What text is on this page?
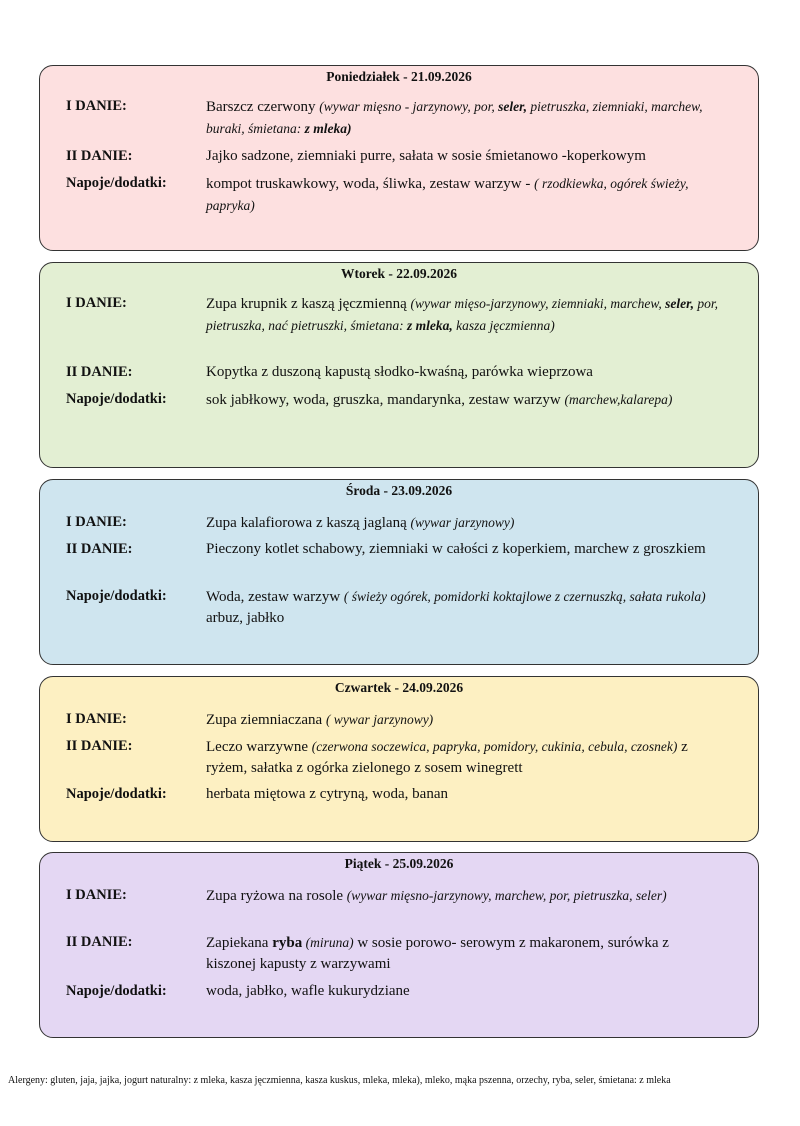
Poniedziałek - 21.09.2026
I DANIE:	Barszcz czerwony (wywar mięsno - jarzynowy, por, seler, pietruszka, ziemniaki, marchew, buraki, śmietana: z mleka)
II DANIE:	Jajko sadzone, ziemniaki purre, sałata w sosie śmietanowo -koperkowym
Napoje/dodatki:	kompot truskawkowy, woda, śliwka, zestaw warzyw - ( rzodkiewka, ogórek świeży, papryka)
Wtorek - 22.09.2026
I DANIE:	Zupa krupnik z kaszą jęczmienną (wywar mięso-jarzynowy, ziemniaki, marchew, seler, por, pietruszka, nać pietruszki, śmietana: z mleka, kasza jęczmienna)
II DANIE:	Kopytka z duszoną kapustą słodko-kwaśną, parówka wieprzowa
Napoje/dodatki:	sok jabłkowy, woda, gruszka, mandarynka, zestaw warzyw (marchew,kalarepa)
Środa - 23.09.2026
I DANIE:	Zupa kalafiorowa z kaszą jaglaną (wywar jarzynowy)
II DANIE:	Pieczony kotlet schabowy, ziemniaki w całości z koperkiem, marchew z groszkiem
Napoje/dodatki:	Woda, zestaw warzyw ( świeży ogórek, pomidorki koktajlowe z czernuszką, sałata rukola) arbuz, jabłko
Czwartek - 24.09.2026
I DANIE:	Zupa ziemniaczana ( wywar jarzynowy)
II DANIE:	Leczo warzywne (czerwona soczewica, papryka, pomidory, cukinia, cebula, czosnek) z ryżem, sałatka z ogórka zielonego z sosem winegrett
Napoje/dodatki:	herbata miętowa z cytryną, woda, banan
Piątek - 25.09.2026
I DANIE:	Zupa ryżowa na rosole (wywar mięsno-jarzynowy, marchew, por, pietruszka, seler)
II DANIE:	Zapiekana ryba (miruna) w sosie porowo- serowym z makaronem, surówka z kiszonej kapusty z warzywami
Napoje/dodatki:	woda, jabłko, wafle kukurydziane
Alergeny: gluten, jaja, jajka, jogurt naturalny: z mleka, kasza jęczmienna, kasza kuskus, mleka, mleka), mleko, mąka pszenna, orzechy, ryba, seler, śmietana: z mleka
